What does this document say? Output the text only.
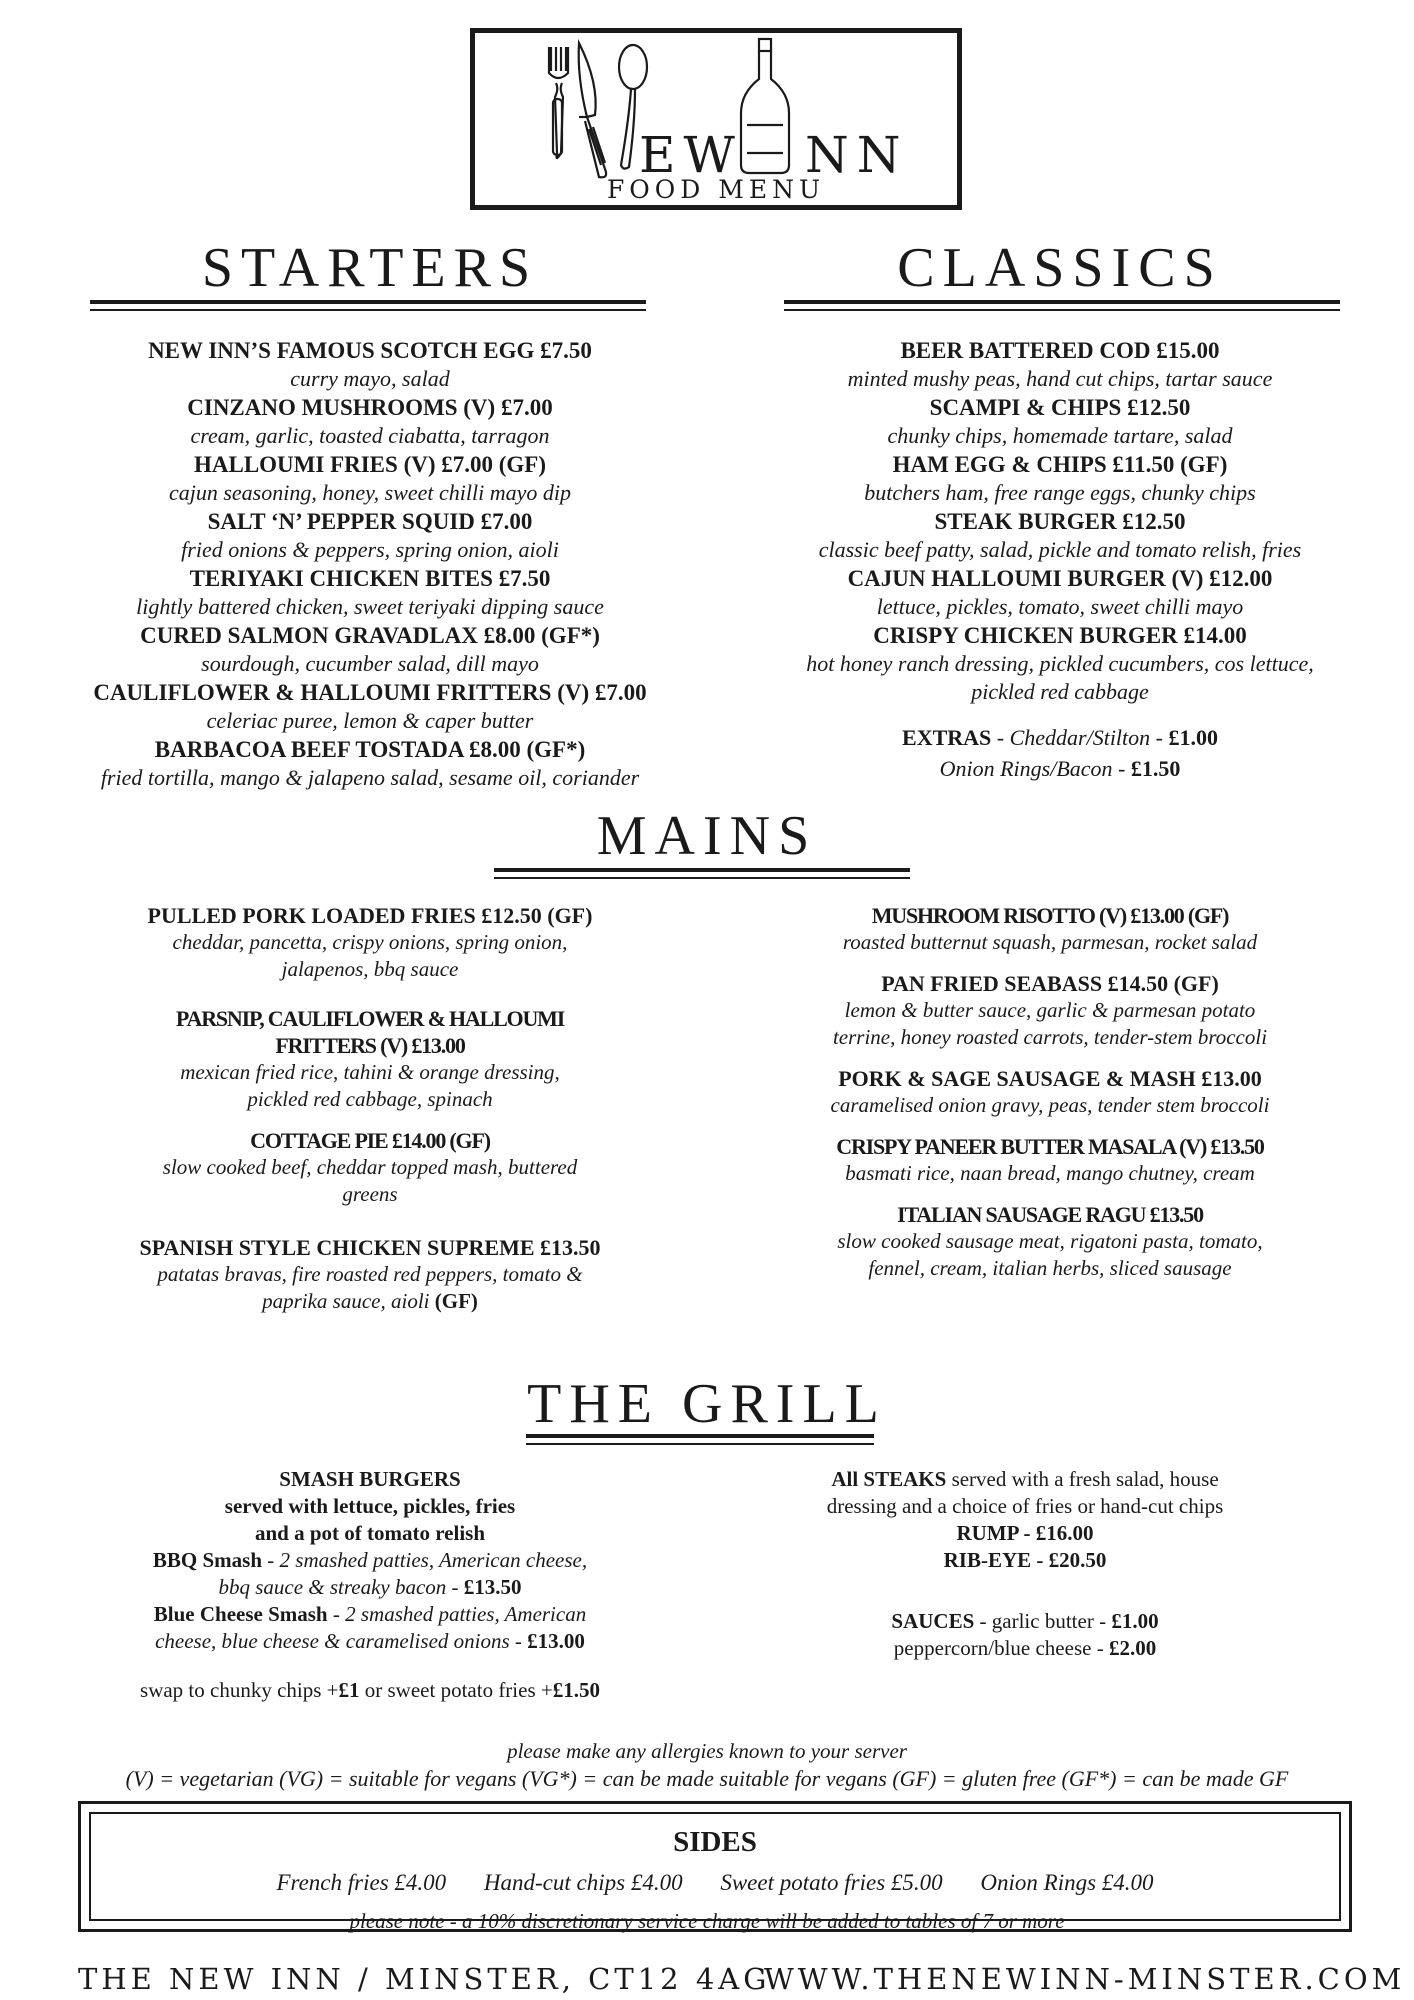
EW NN
FOOD MENU
STARTERS
NEW INN’S FAMOUS SCOTCH EGG £7.50
curry mayo, salad
CINZANO MUSHROOMS (V) £7.00
cream, garlic, toasted ciabatta, tarragon
HALLOUMI FRIES (V) £7.00 (GF)
cajun seasoning, honey, sweet chilli mayo dip
SALT ‘N’ PEPPER SQUID £7.00
fried onions & peppers, spring onion, aioli
TERIYAKI CHICKEN BITES £7.50
lightly battered chicken, sweet teriyaki dipping sauce
CURED SALMON GRAVADLAX £8.00 (GF*)
sourdough, cucumber salad, dill mayo
CAULIFLOWER & HALLOUMI FRITTERS (V) £7.00
celeriac puree, lemon & caper butter
BARBACOA BEEF TOSTADA £8.00 (GF*)
fried tortilla, mango & jalapeno salad, sesame oil, coriander
CLASSICS
BEER BATTERED COD £15.00
minted mushy peas, hand cut chips, tartar sauce
SCAMPI & CHIPS £12.50
chunky chips, homemade tartare, salad
HAM EGG & CHIPS £11.50 (GF)
butchers ham, free range eggs, chunky chips
STEAK BURGER £12.50
classic beef patty, salad, pickle and tomato relish, fries
CAJUN HALLOUMI BURGER (V) £12.00
lettuce, pickles, tomato, sweet chilli mayo
CRISPY CHICKEN BURGER £14.00
hot honey ranch dressing, pickled cucumbers, cos lettuce,
pickled red cabbage
EXTRAS - Cheddar/Stilton - £1.00
Onion Rings/Bacon - £1.50
MAINS
PULLED PORK LOADED FRIES £12.50 (GF)
cheddar, pancetta, crispy onions, spring onion,
jalapenos, bbq sauce
PARSNIP, CAULIFLOWER & HALLOUMI
FRITTERS (V) £13.00
mexican fried rice, tahini & orange dressing,
pickled red cabbage, spinach
COTTAGE PIE £14.00 (GF)
slow cooked beef, cheddar topped mash, buttered
greens
SPANISH STYLE CHICKEN SUPREME £13.50
patatas bravas, fire roasted red peppers, tomato &
paprika sauce, aioli (GF)
MUSHROOM RISOTTO (V) £13.00 (GF)
roasted butternut squash, parmesan, rocket salad
PAN FRIED SEABASS £14.50 (GF)
lemon & butter sauce, garlic & parmesan potato
terrine, honey roasted carrots, tender-stem broccoli
PORK & SAGE SAUSAGE & MASH £13.00
caramelised onion gravy, peas, tender stem broccoli
CRISPY PANEER BUTTER MASALA (V) £13.50
basmati rice, naan bread, mango chutney, cream
ITALIAN SAUSAGE RAGU £13.50
slow cooked sausage meat, rigatoni pasta, tomato,
fennel, cream, italian herbs, sliced sausage
THE GRILL
SMASH BURGERS
served with lettuce, pickles, fries
and a pot of tomato relish
BBQ Smash - 2 smashed patties, American cheese,
bbq sauce & streaky bacon - £13.50
Blue Cheese Smash - 2 smashed patties, American
cheese, blue cheese & caramelised onions - £13.00
swap to chunky chips +£1 or sweet potato fries +£1.50
All STEAKS served with a fresh salad, house
dressing and a choice of fries or hand-cut chips
RUMP - £16.00
RIB-EYE - £20.50
SAUCES - garlic butter - £1.00
peppercorn/blue cheese - £2.00
please make any allergies known to your server
(V) = vegetarian (VG) = suitable for vegans (VG*) = can be made suitable for vegans (GF) = gluten free (GF*) = can be made GF
SIDES
French fries £4.00 Hand-cut chips £4.00 Sweet potato fries £5.00 Onion Rings £4.00
please note - a 10% discretionary service charge will be added to tables of 7 or more
THE NEW INN / MINSTER, CT12 4AG
WWW.THENEWINN-MINSTER.COM
